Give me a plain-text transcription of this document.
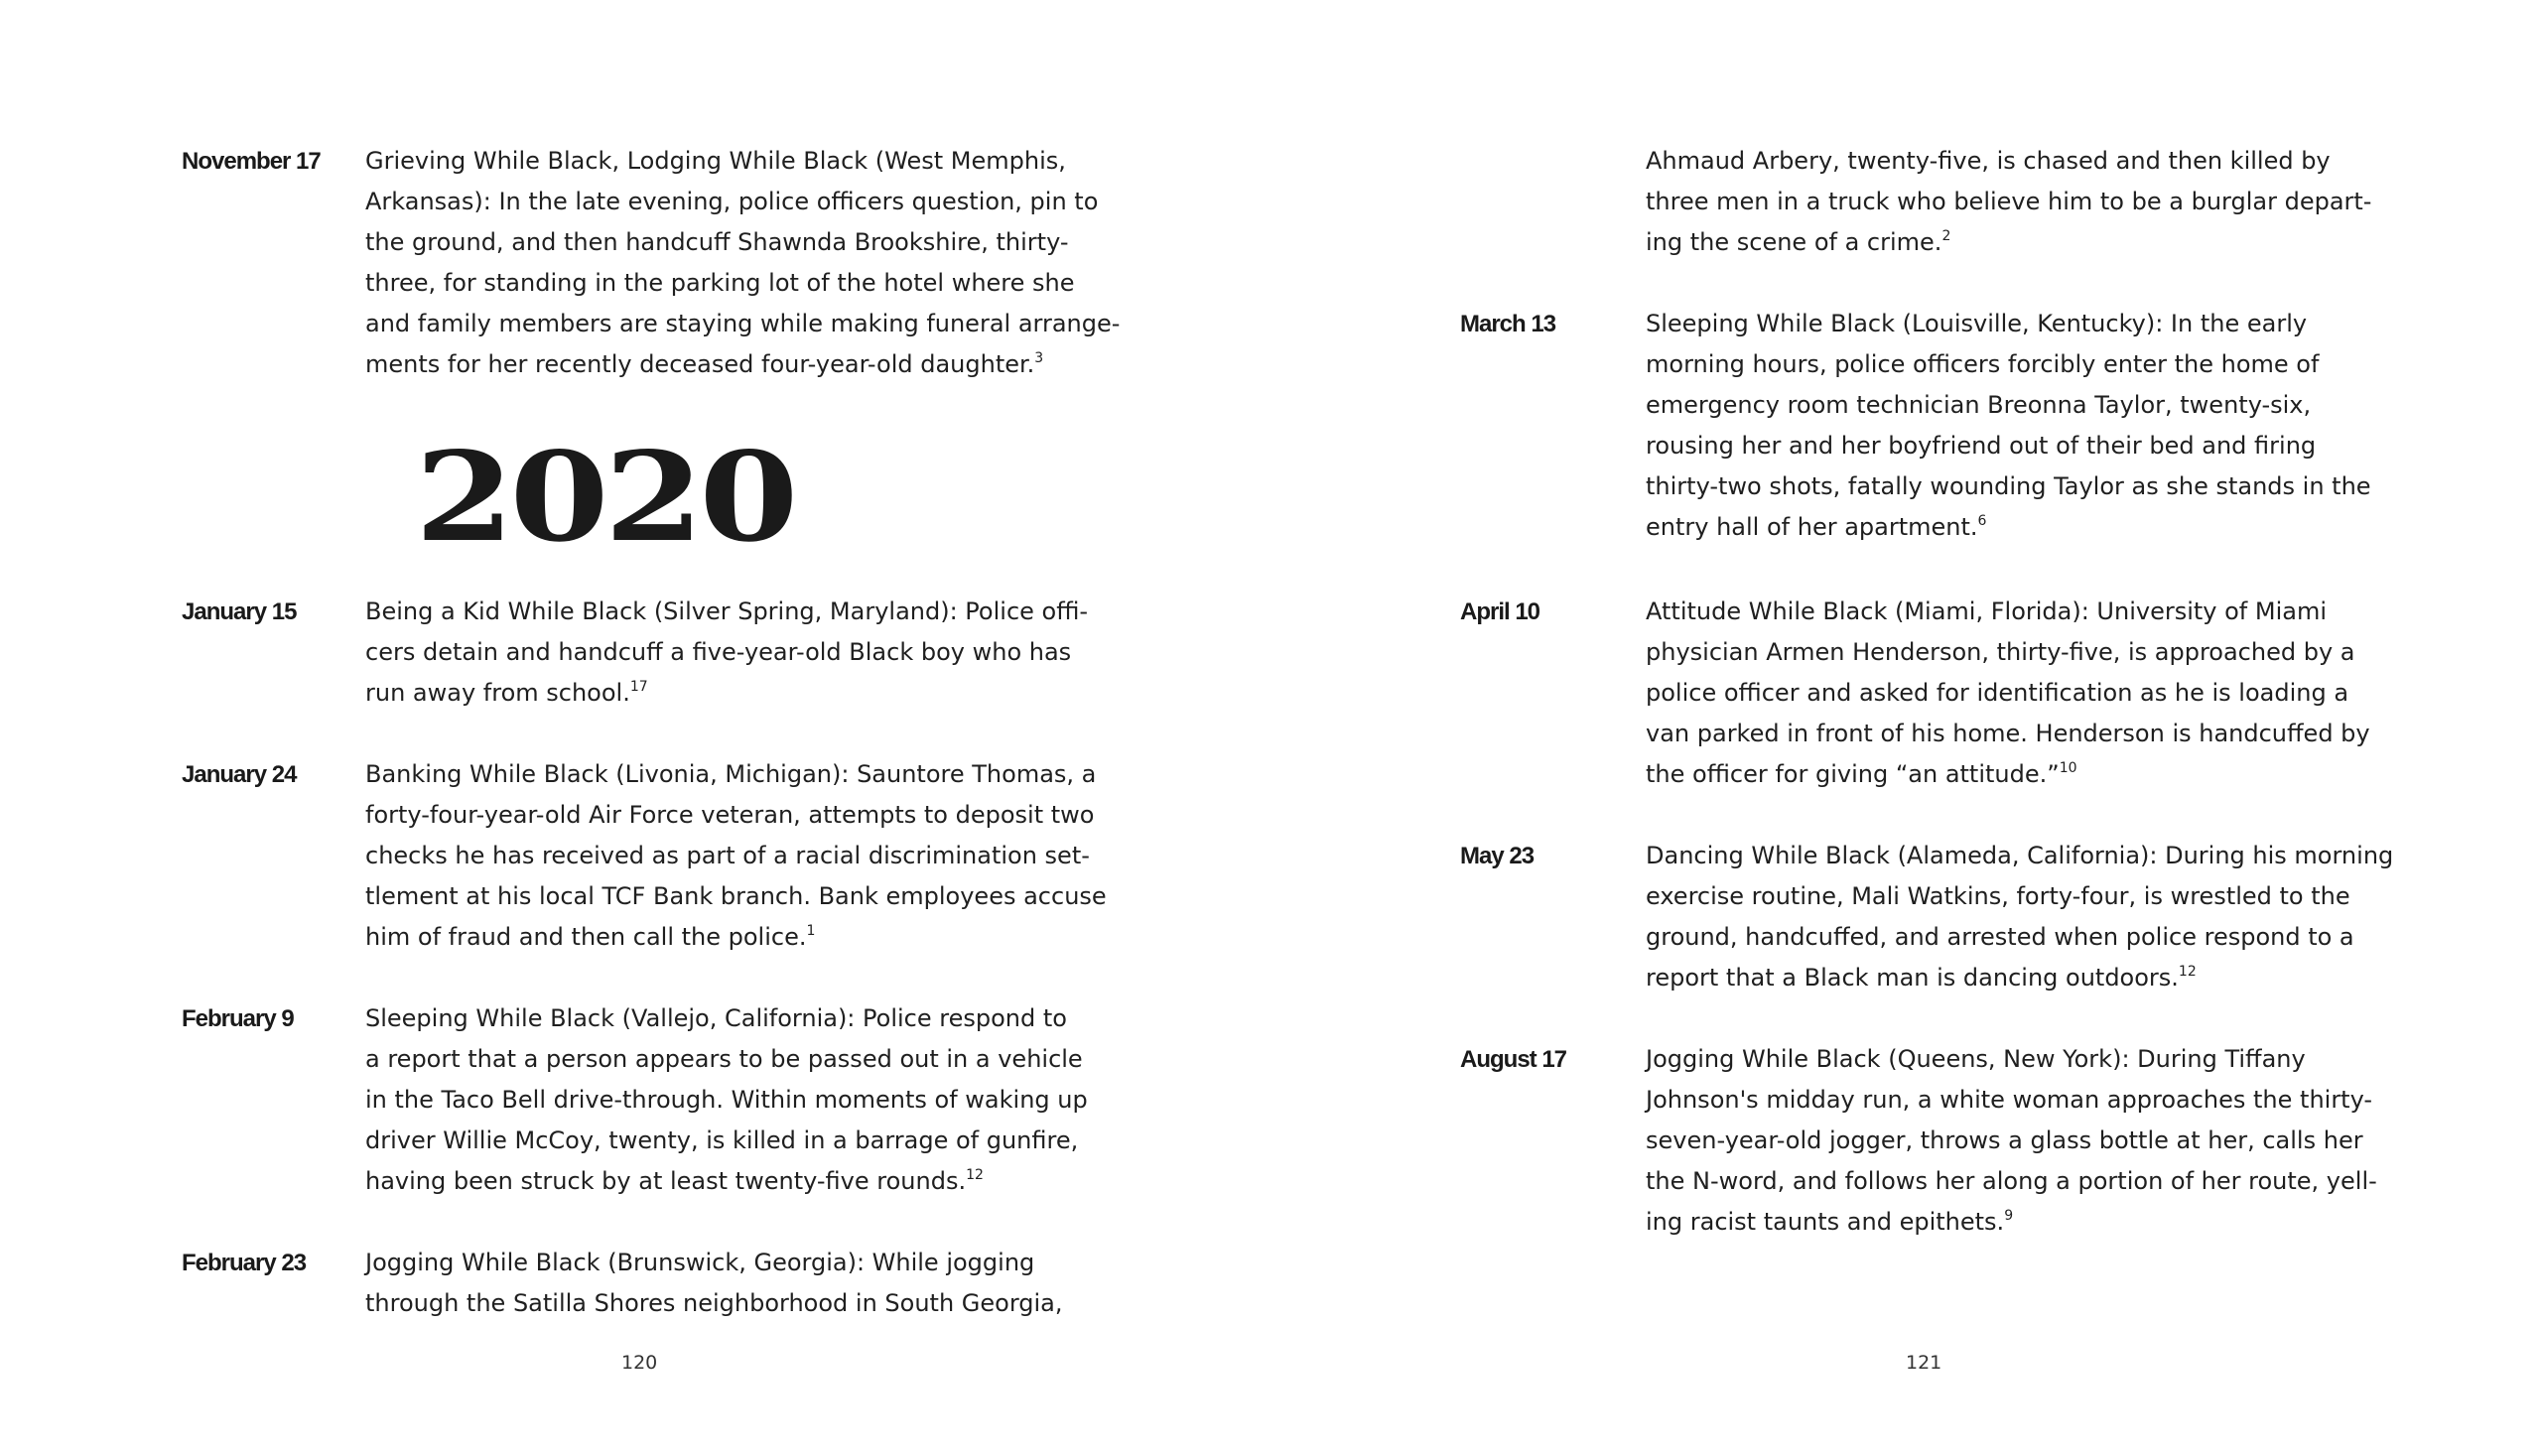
November 17 Grieving While Black, Lodging While Black (West Memphis,
Arkansas): In the late evening, police officers question, pin to
the ground, and then handcuff Shawnda Brookshire, thirty-
three, for standing in the parking lot of the hotel where she
and family members are staying while making funeral arrange-
ments for her recently deceased four-year-old daughter.$^3$
2020
January 15	Being a Kid While Black (Silver Spring, Maryland): Police offi-
cers detain and handcuff a five-year-old Black boy who has
run away from school.$^{17}$
January 24	Banking While Black (Livonia, Michigan): Sauntore Thomas, a
forty-four-year-old Air Force veteran, attempts to deposit two
checks he has received as part of a racial discrimination set-
tlement at his local TCF Bank branch. Bank employees accuse
him of fraud and then call the police.$^1$
February 9	Sleeping While Black (Vallejo, California): Police respond to
a report that a person appears to be passed out in a vehicle
in the Taco Bell drive-through. Within moments of waking up
driver Willie McCoy, twenty, is killed in a barrage of gunfire,
having been struck by at least twenty-five rounds.$^{12}$
February 23 Jogging While Black (Brunswick, Georgia): While jogging
through the Satilla Shores neighborhood in South Georgia,
120
Ahmaud Arbery, twenty-five, is chased and then killed by
three men in a truck who believe him to be a burglar depart-
ing the scene of a crime.$^2$
March 13	Sleeping While Black (Louisville, Kentucky): In the early
morning hours, police officers forcibly enter the home of
emergency room technician Breonna Taylor, twenty-six,
rousing her and her boyfriend out of their bed and firing
thirty-two shots, fatally wounding Taylor as she stands in the
entry hall of her apartment.$^6$
April 10	Attitude While Black (Miami, Florida): University of Miami
physician Armen Henderson, thirty-five, is approached by a
police officer and asked for identification as he is loading a
van parked in front of his home. Henderson is handcuffed by
the officer for giving “an attitude.”$^{10}$
May 23	Dancing While Black (Alameda, California): During his morning
exercise routine, Mali Watkins, forty-four, is wrestled to the
ground, handcuffed, and arrested when police respond to a
report that a Black man is dancing outdoors.$^{12}$
August 17	Jogging While Black (Queens, New York): During Tiffany
Johnson's midday run, a white woman approaches the thirty-
seven-year-old jogger, throws a glass bottle at her, calls her
the N-word, and follows her along a portion of her route, yell-
ing racist taunts and epithets.$^9$
121
